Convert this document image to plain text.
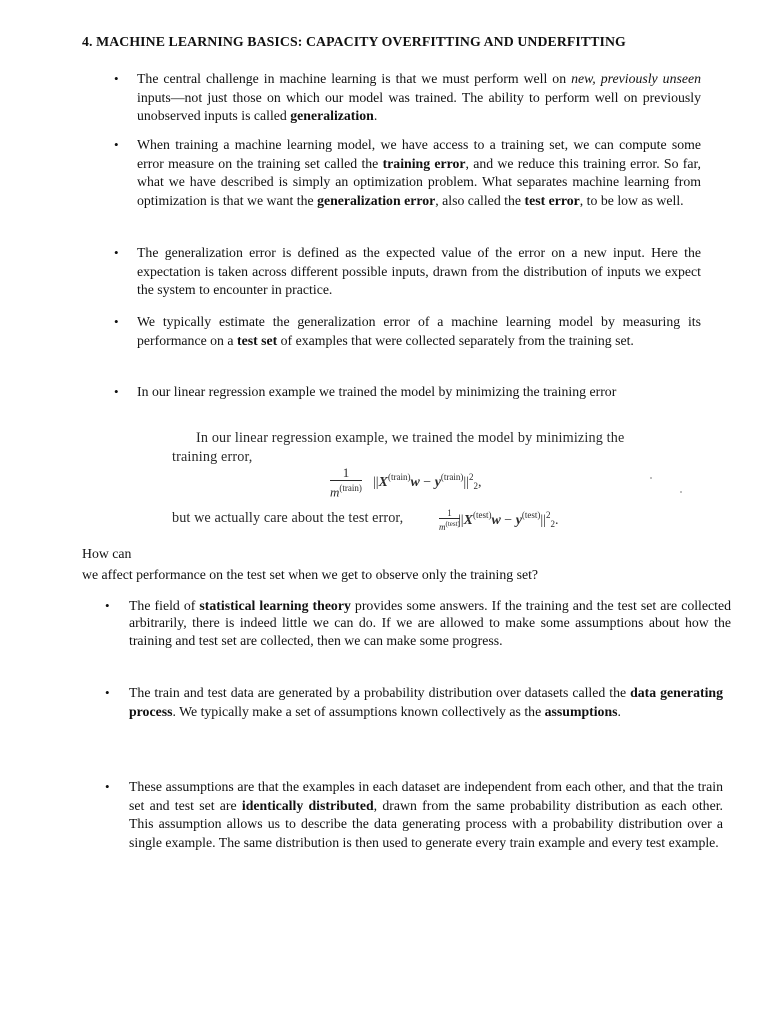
4. MACHINE LEARNING BASICS: CAPACITY OVERFITTING AND UNDERFITTING
• The central challenge in machine learning is that we must perform well on new, previously unseen inputs—not just those on which our model was trained. The ability to perform well on previously unobserved inputs is called generalization.
• When training a machine learning model, we have access to a training set, we can compute some error measure on the training set called the training error, and we reduce this training error. So far, what we have described is simply an optimization problem. What separates machine learning from optimization is that we want the generalization error, also called the test error, to be low as well.
• The generalization error is defined as the expected value of the error on a new input. Here the expectation is taken across different possible inputs, drawn from the distribution of inputs we expect the system to encounter in practice.
• We typically estimate the generalization error of a machine learning model by measuring its performance on a test set of examples that were collected separately from the training set.
• In our linear regression example we trained the model by minimizing the training error
In our linear regression example, we trained the model by minimizing the
training error,
1
$m^{(train)}$ $||X^{(train)}w - y^{(train)}||^2_2$,
but we actually care about the test error,	1
$m^{(test)}$
$||X^{(test)}w - y^{(test)}||^2_2$.
How can
we affect performance on the test set when we get to observe only the training set?
• The field of statistical learning theory provides some answers. If the training and the test set are collected arbitrarily, there is indeed little we can do. If we are allowed to make some assumptions about how the training and test set are collected, then we can make some progress.
• The train and test data are generated by a probability distribution over datasets called the data generating process. We typically make a set of assumptions known collectively as the assumptions.
• These assumptions are that the examples in each dataset are independent from each other, and that the train set and test set are identically distributed, drawn from the same probability distribution as each other. This assumption allows us to describe the data generating process with a probability distribution over a single example. The same distribution is then used to generate every train example and every test example.
